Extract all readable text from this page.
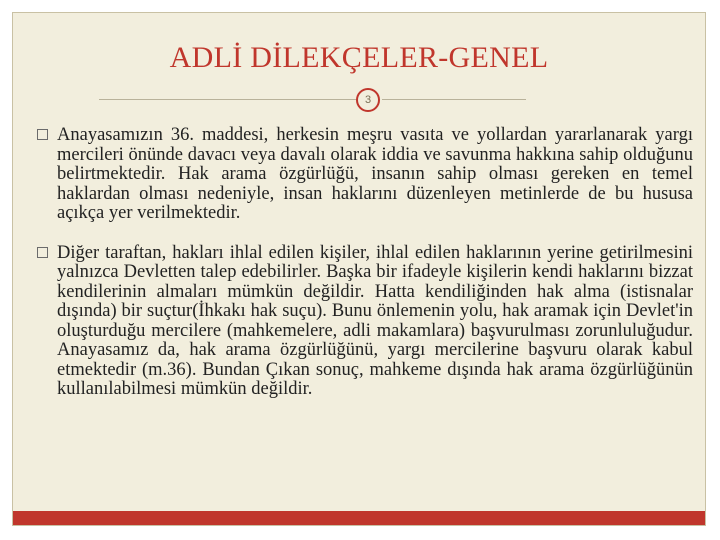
ADLİ DİLEKÇELER-GENEL
3
Anayasamızın 36. maddesi, herkesin meşru vasıta ve yollardan yararlanarak yargı mercileri önünde davacı veya davalı olarak iddia ve savunma hakkına sahip olduğunu belirtmektedir. Hak arama özgürlüğü, insanın sahip olması gereken en temel haklardan olması nedeniyle, insan haklarını düzenleyen metinlerde de bu hususa açıkça yer verilmektedir.
Diğer taraftan, hakları ihlal edilen kişiler, ihlal edilen haklarının yerine getirilmesini yalnızca Devletten talep edebilirler. Başka bir ifadeyle kişilerin kendi haklarını bizzat kendilerinin almaları mümkün değildir. Hatta kendiliğinden hak alma (istisnalar dışında) bir suçtur(İhkakı hak suçu). Bunu önlemenin yolu, hak aramak için Devlet'in oluşturduğu mercilere (mahkemelere, adli makamlara) başvurulması zorunluluğudur. Anayasamız da, hak arama özgürlüğünü, yargı mercilerine başvuru olarak kabul etmektedir (m.36). Bundan Çıkan sonuç, mahkeme dışında hak arama özgürlüğünün kullanılabilmesi mümkün değildir.
